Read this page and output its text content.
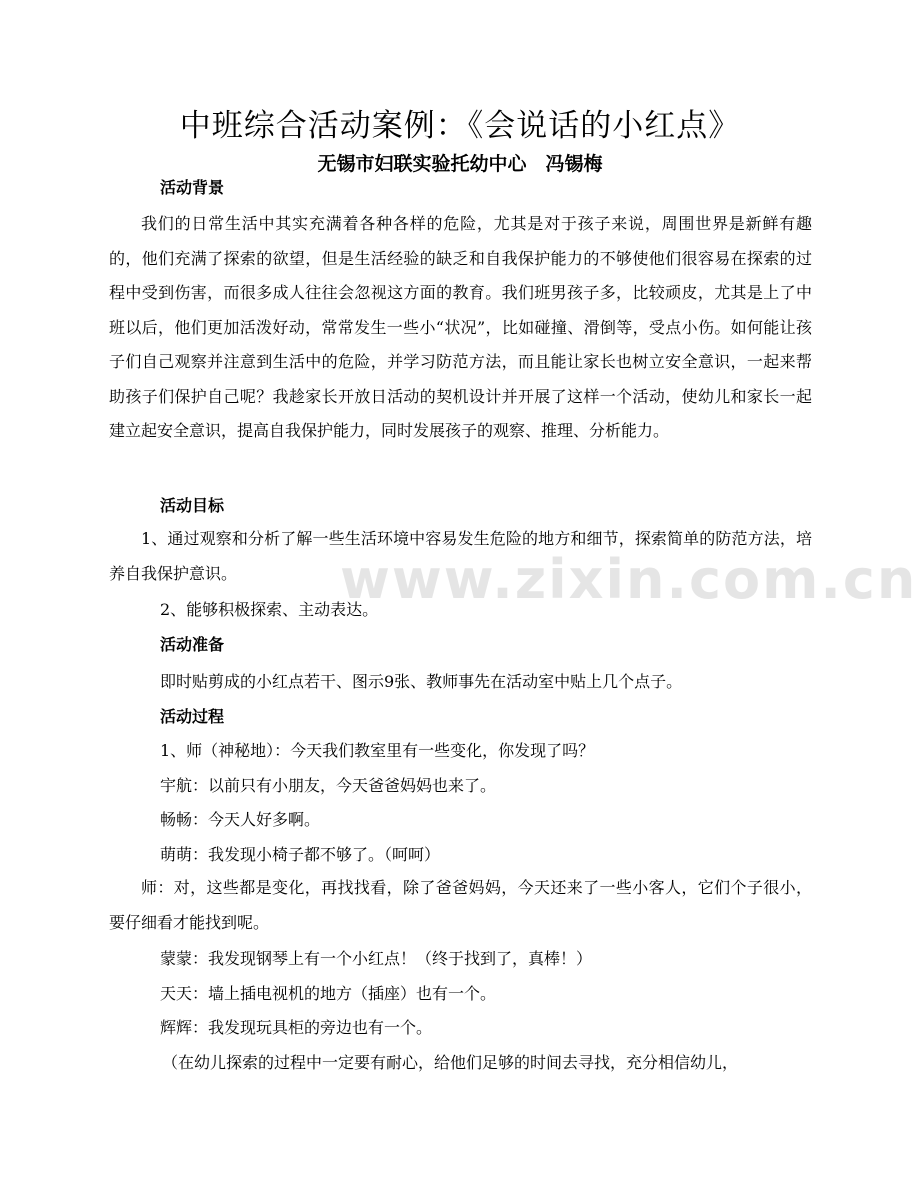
中班综合活动案例：《会说话的小红点》
无锡市妇联实验托幼中心　冯锡梅
活动背景

我们的日常生活中其实充满着各种各样的危险，尤其是对于孩子来说，周围世界是新鲜有趣的，他们充满了探索的欲望，但是生活经验的缺乏和自我保护能力的不够使他们很容易在探索的过程中受到伤害，而很多成人往往会忽视这方面的教育。我们班男孩子多，比较顽皮，尤其是上了中班以后，他们更加活泼好动，常常发生一些小“状况”，比如碰撞、滑倒等，受点小伤。如何能让孩子们自己观察并注意到生活中的危险，并学习防范方法，而且能让家长也树立安全意识，一起来帮助孩子们保护自己呢？我趁家长开放日活动的契机设计并开展了这样一个活动，使幼儿和家长一起建立起安全意识，提高自我保护能力，同时发展孩子的观察、推理、分析能力。

活动目标

1、通过观察和分析了解一些生活环境中容易发生危险的地方和细节，探索简单的防范方法，培养自我保护意识。

2、能够积极探索、主动表达。
活动准备
即时贴剪成的小红点若干、图示9张、教师事先在活动室中贴上几个点子。
活动过程
1、师（神秘地）：今天我们教室里有一些变化，你发现了吗？
宇航：以前只有小朋友，今天爸爸妈妈也来了。
畅畅：今天人好多啊。
萌萌：我发现小椅子都不够了。（呵呵）

师：对，这些都是变化，再找找看，除了爸爸妈妈，今天还来了一些小客人，它们个子很小，要仔细看才能找到呢。

蒙蒙：我发现钢琴上有一个小红点！（终于找到了，真棒！）
天天：墙上插电视机的地方（插座）也有一个。
辉辉：我发现玩具柜的旁边也有一个。
（在幼儿探索的过程中一定要有耐心，给他们足够的时间去寻找，充分相信幼儿，
www.zixin.com.cn
